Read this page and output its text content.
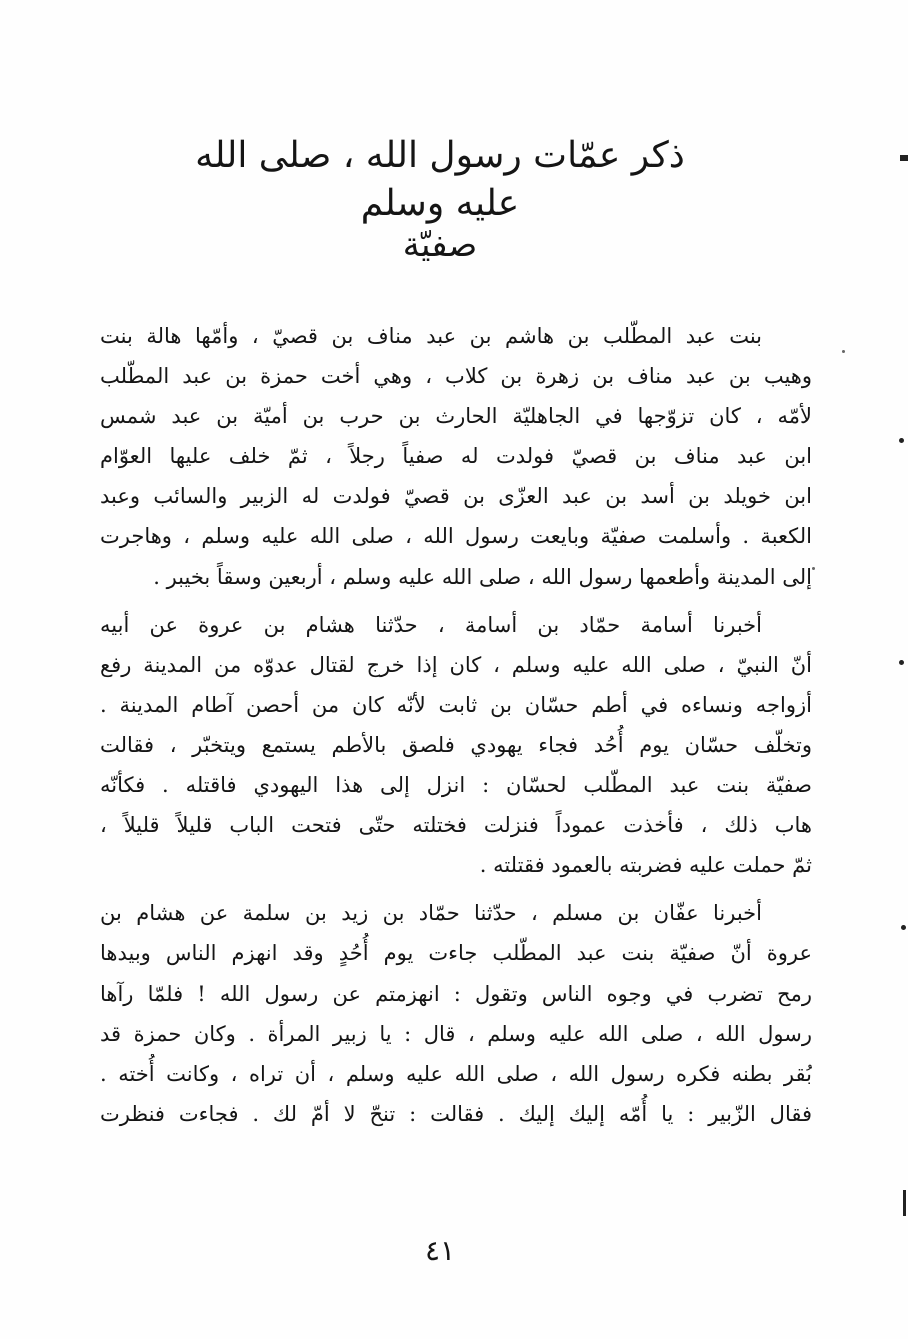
ذكر عمّات رسول الله ، صلى الله عليه وسلم
صفيّة
بنت عبد المطّلب بن هاشم بن عبد مناف بن قصيّ ، وأمّها هالة بنت
وهيب بن عبد مناف بن زهرة بن كلاب ، وهي أخت حمزة بن عبد المطّلب
لأمّه ، كان تزوّجها في الجاهليّة الحارث بن حرب بن أميّة بن عبد شمس
ابن عبد مناف بن قصيّ فولدت له صفياً رجلاً ، ثمّ خلف عليها العوّام
ابن خويلد بن أسد بن عبد العزّى بن قصيّ فولدت له الزبير والسائب وعبد
الكعبة . وأسلمت صفيّة وبايعت رسول الله ، صلى الله عليه وسلم ، وهاجرت
إلى المدينة وأطعمها رسول الله ، صلى الله عليه وسلم ، أربعين وسقاً بخيبر .
أخبرنا أسامة حمّاد بن أسامة ، حدّثنا هشام بن عروة عن أبيه
أنّ النبيّ ، صلى الله عليه وسلم ، كان إذا خرج لقتال عدوّه من المدينة رفع
أزواجه ونساءه في أطم حسّان بن ثابت لأنّه كان من أحصن آطام المدينة .
وتخلّف حسّان يوم أُحُد فجاء يهودي فلصق بالأطم يستمع ويتخبّر ، فقالت
صفيّة بنت عبد المطّلب لحسّان : انزل إلى هذا اليهودي فاقتله . فكأنّه
هاب ذلك ، فأخذت عموداً فنزلت فختلته حتّى فتحت الباب قليلاً قليلاً ،
ثمّ حملت عليه فضربته بالعمود فقتلته .
أخبرنا عفّان بن مسلم ، حدّثنا حمّاد بن زيد بن سلمة عن هشام بن
عروة أنّ صفيّة بنت عبد المطّلب جاءت يوم أُحُدٍ وقد انهزم الناس وبيدها
رمح تضرب في وجوه الناس وتقول : انهزمتم عن رسول الله ! فلمّا رآها
رسول الله ، صلى الله عليه وسلم ، قال : يا زبير المرأة . وكان حمزة قد
بُقر بطنه فكره رسول الله ، صلى الله عليه وسلم ، أن تراه ، وكانت أُخته .
فقال الزّبير : يا أُمّه إليك إليك . فقالت : تنحّ لا أمّ لك . فجاءت فنظرت
٤١
